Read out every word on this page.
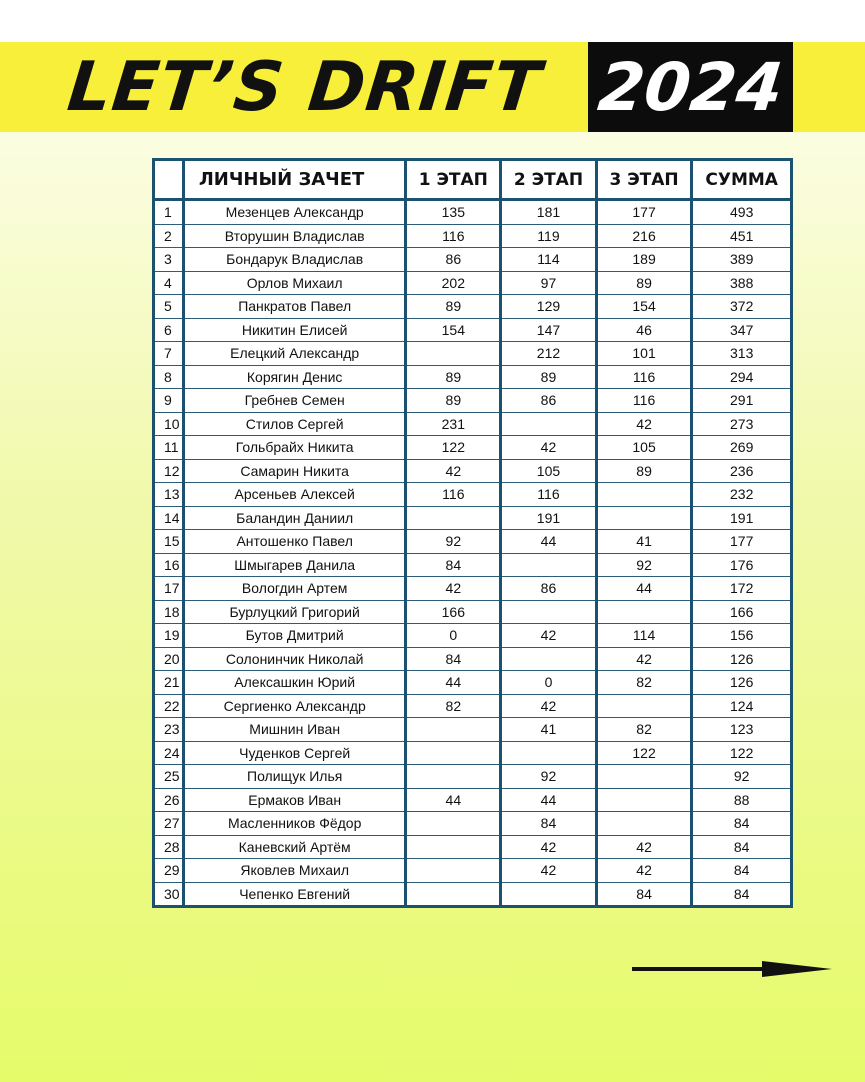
LET’S DRIFT 2024
	ЛИЧНЫЙ ЗАЧЕТ	1 ЭТАП	2 ЭТАП	3 ЭТАП	СУММА
1	Мезенцев Александр	135	181	177	493
2	Вторушин Владислав	116	119	216	451
3	Бондарук Владислав	86	114	189	389
4	Орлов Михаил	202	97	89	388
5	Панкратов Павел	89	129	154	372
6	Никитин Елисей	154	147	46	347
7	Елецкий Александр		212	101	313
8	Корягин Денис	89	89	116	294
9	Гребнев Семен	89	86	116	291
10	Стилов Сергей	231		42	273
11	Гольбрайх Никита	122	42	105	269
12	Самарин Никита	42	105	89	236
13	Арсеньев Алексей	116	116		232
14	Баландин Даниил		191		191
15	Антошенко Павел	92	44	41	177
16	Шмыгарев Данила	84		92	176
17	Вологдин Артем	42	86	44	172
18	Бурлуцкий Григорий	166			166
19	Бутов Дмитрий	0	42	114	156
20	Солонинчик Николай	84		42	126
21	Алексашкин Юрий	44	0	82	126
22	Сергиенко Александр	82	42		124
23	Мишнин Иван		41	82	123
24	Чуденков Сергей			122	122
25	Полищук Илья		92		92
26	Ермаков Иван	44	44		88
27	Масленников Фёдор		84		84
28	Каневский Артём		42	42	84
29	Яковлев Михаил		42	42	84
30	Чепенко Евгений			84	84
